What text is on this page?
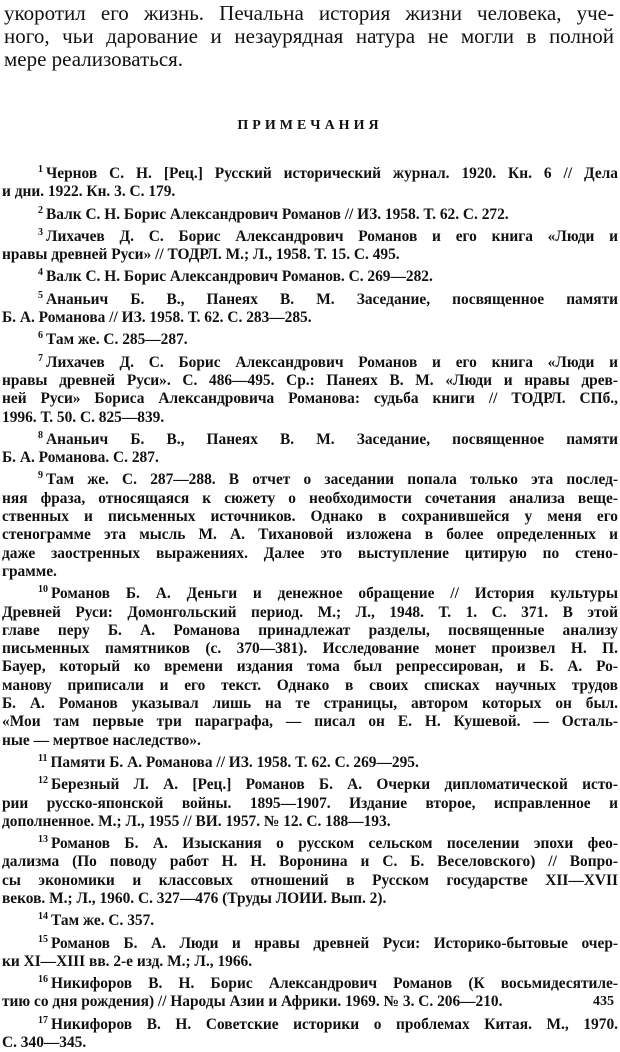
укоротил его жизнь. Печальна история жизни человека, уче-
ного, чьи дарование и незаурядная натура не могли в полной
мере реализоваться.
ПРИМЕЧАНИЯ
$^1$ Чернов С. Н. [Рец.] Русский исторический журнал. 1920. Кн. 6 // Дела
и дни. 1922. Кн. 3. С. 179.
$^2$ Валк С. Н. Борис Александрович Романов // ИЗ. 1958. Т. 62. С. 272.
$^3$ Лихачев Д. С. Борис Александрович Романов и его книга «Люди и
нравы древней Руси» // ТОДРЛ. М.; Л., 1958. Т. 15. С. 495.
$^4$ Валк С. Н. Борис Александрович Романов. С. 269—282.
$^5$ Ананьич Б. В., Панеях В. М. Заседание, посвященное памяти
Б. А. Романова // ИЗ. 1958. Т. 62. С. 283—285.
$^6$ Там же. С. 285—287.
$^7$ Лихачев Д. С. Борис Александрович Романов и его книга «Люди и
нравы древней Руси». С. 486—495. Ср.: Панеях В. М. «Люди и нравы древ-
ней Руси» Бориса Александровича Романова: судьба книги // ТОДРЛ. СПб.,
1996. Т. 50. С. 825—839.
$^8$ Ананьич Б. В., Панеях В. М. Заседание, посвященное памяти
Б. А. Романова. С. 287.
$^9$ Там же. С. 287—288. В отчет о заседании попала только эта послед-
няя фраза, относящаяся к сюжету о необходимости сочетания анализа веще-
ственных и письменных источников. Однако в сохранившейся у меня его
стенограмме эта мысль М. А. Тихановой изложена в более определенных и
даже заостренных выражениях. Далее это выступление цитирую по стено-
грамме.
$^{10}$ Романов Б. А. Деньги и денежное обращение // История культуры
Древней Руси: Домонгольский период. М.; Л., 1948. Т. 1. С. 371. В этой
главе перу Б. А. Романова принадлежат разделы, посвященные анализу
письменных памятников (с. 370—381). Исследование монет произвел Н. П.
Бауер, который ко времени издания тома был репрессирован, и Б. А. Ро-
манову приписали и его текст. Однако в своих списках научных трудов
Б. А. Романов указывал лишь на те страницы, автором которых он был.
«Мои там первые три параграфа, — писал он Е. Н. Кушевой. — Осталь-
ные — мертвое наследство».
$^{11}$ Памяти Б. А. Романова // ИЗ. 1958. Т. 62. С. 269—295.
$^{12}$ Березный Л. А. [Рец.] Романов Б. А. Очерки дипломатической исто-
рии русско-японской войны. 1895—1907. Издание второе, исправленное и
дополненное. М.; Л., 1955 // ВИ. 1957. № 12. С. 188—193.
$^{13}$ Романов Б. А. Изыскания о русском сельском поселении эпохи фео-
дализма (По поводу работ Н. Н. Воронина и С. Б. Веселовского) // Вопро-
сы экономики и классовых отношений в Русском государстве XII—XVII
веков. М.; Л., 1960. С. 327—476 (Труды ЛОИИ. Вып. 2).
$^{14}$ Там же. С. 357.
$^{15}$ Романов Б. А. Люди и нравы древней Руси: Историко-бытовые очер-
ки XI—XIII вв. 2-е изд. М.; Л., 1966.
$^{16}$ Никифоров В. Н. Борис Александрович Романов (К восьмидесятиле-
тию со дня рождения) // Народы Азии и Африки. 1969. № 3. С. 206—210.
$^{17}$ Никифоров В. Н. Советские историки о проблемах Китая. М., 1970.
С. 340—345.
435
